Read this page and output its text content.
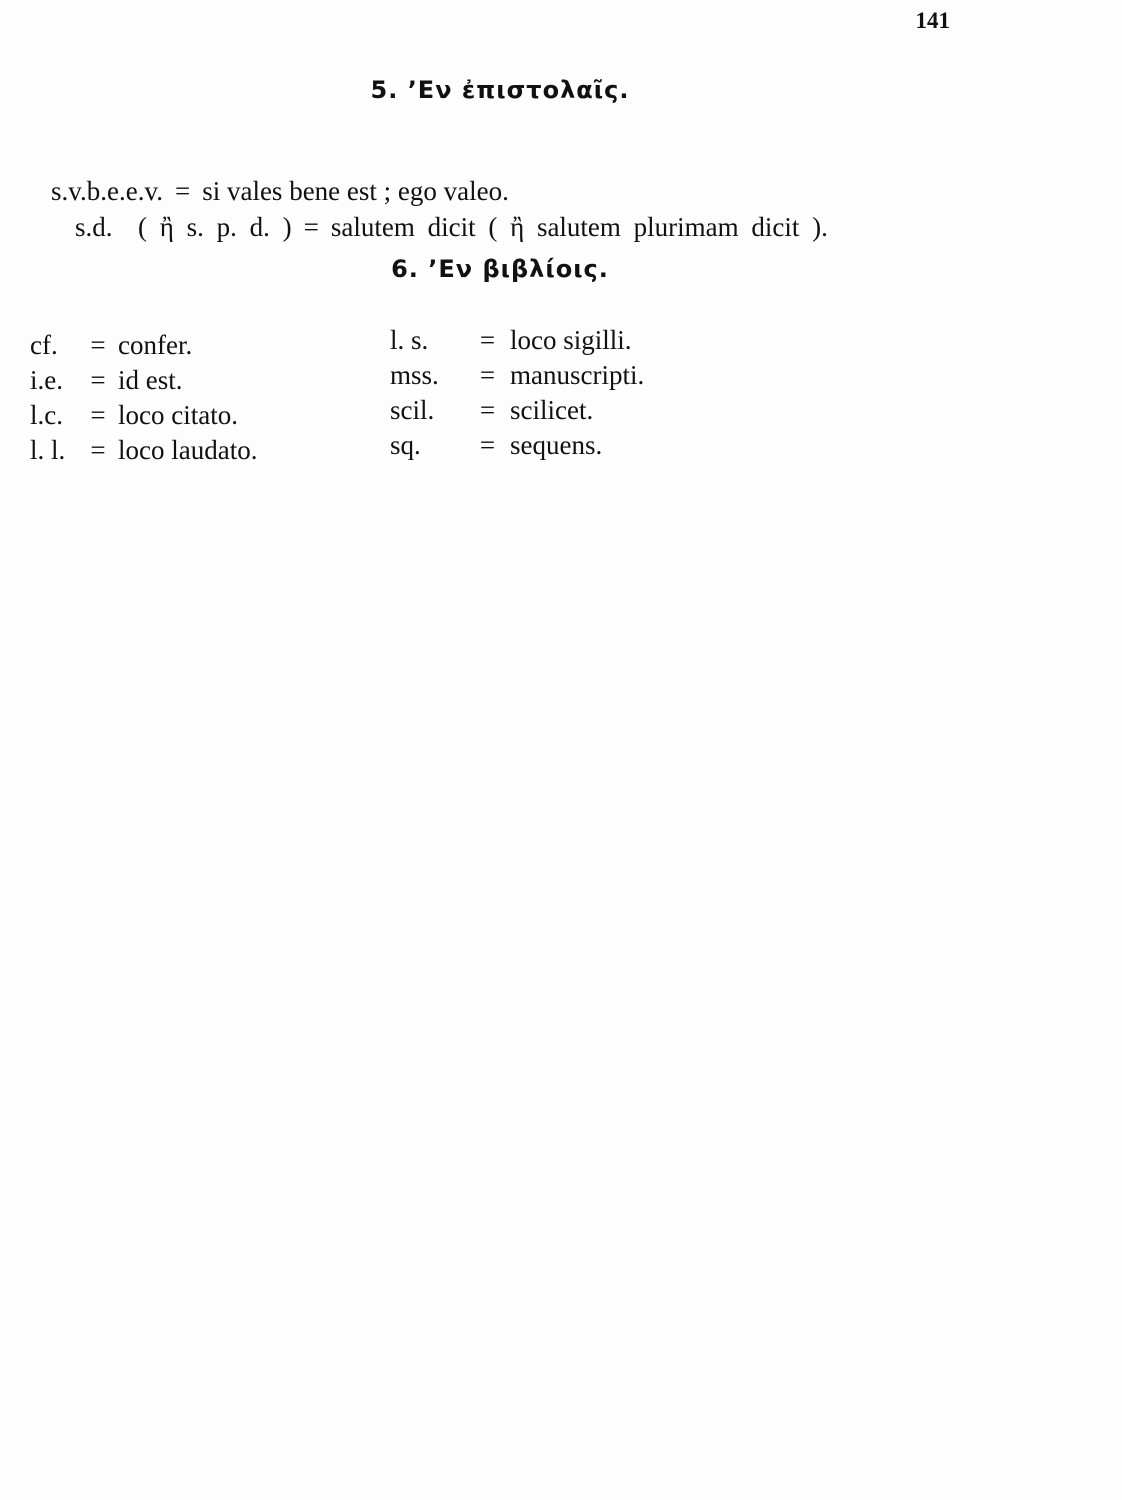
141
5. ’Εν ἐπιστολαῖς.

s.v.b.e.e.v. = si vales bene est ; ego valeo.

s.d. ( ἢ s. p. d. ) = salutem dicit ( ἢ salutem plurimam dicit ).

6. ’Εν βιβλίοις.
cf.	= confer.
i.e.	= id est.
l.c.	= loco citato.
l. l. = loco laudato.
l. s.	= loco sigilli.
mss.	= manuscripti.
scil.	= scilicet.
sq.	= sequens.
